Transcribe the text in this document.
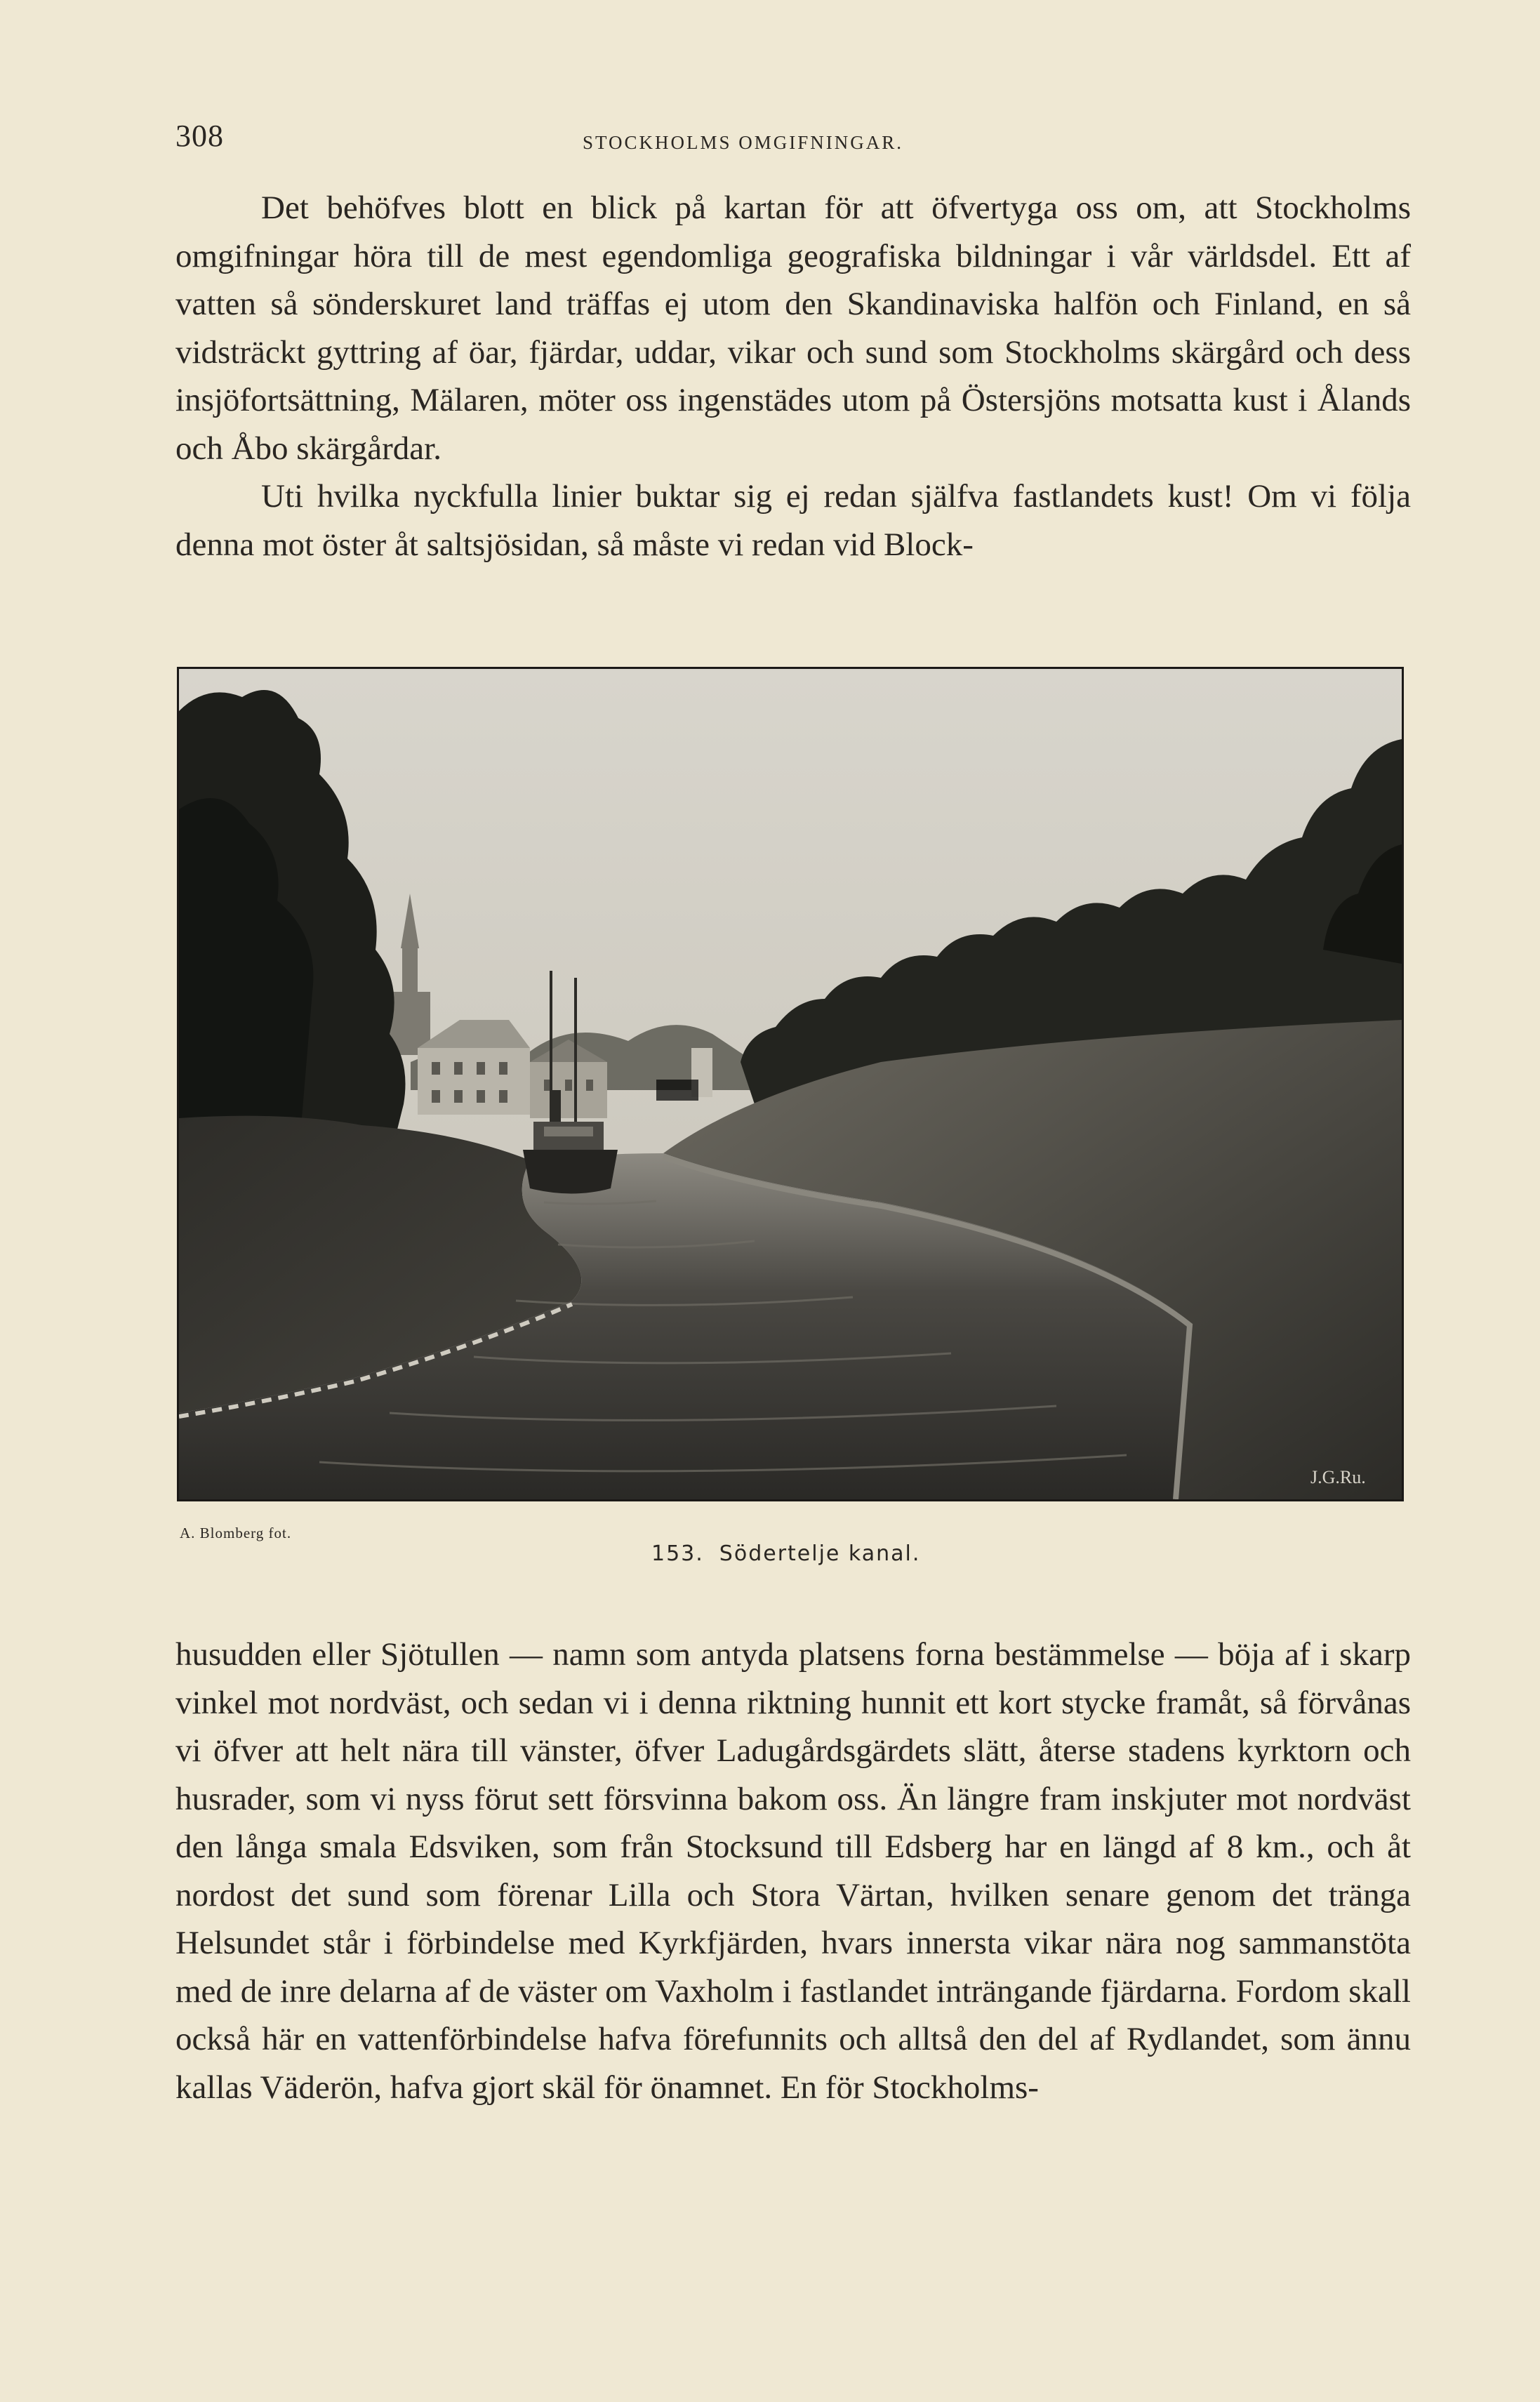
308	STOCKHOLMS OMGIFNINGAR.

Det behöfves blott en blick på kartan för att öfvertyga oss om, att Stockholms omgifningar höra till de mest egendomliga geografiska bildningar i vår världsdel. Ett af vatten så sönderskuret land träffas ej utom den Skandinaviska halfön och Finland, en så vidsträckt gyttring af öar, fjärdar, uddar, vikar och sund som Stockholms skärgård och dess insjöfortsättning, Mälaren, möter oss ingenstädes utom på Östersjöns motsatta kust i Ålands och Åbo skärgårdar.

Uti hvilka nyckfulla linier buktar sig ej redan själfva fastlandets kust! Om vi följa denna mot öster åt saltsjösidan, så måste vi redan vid Block-

J.G.Ru.
A. Blomberg fot.
153. Södertelje kanal.

husudden eller Sjötullen — namn som antyda platsens forna bestämmelse — böja af i skarp vinkel mot nordväst, och sedan vi i denna riktning hunnit ett kort stycke framåt, så förvånas vi öfver att helt nära till vänster, öfver Ladugårdsgärdets slätt, återse stadens kyrktorn och husrader, som vi nyss förut sett försvinna bakom oss. Än längre fram inskjuter mot nordväst den långa smala Edsviken, som från Stocksund till Edsberg har en längd af 8 km., och åt nordost det sund som förenar Lilla och Stora Värtan, hvilken senare genom det tränga Helsundet står i förbindelse med Kyrkfjärden, hvars innersta vikar nära nog sammanstöta med de inre delarna af de väster om Vaxholm i fastlandet inträngande fjärdarna. Fordom skall också här en vattenförbindelse hafva förefunnits och alltså den del af Rydlandet, som ännu kallas Väderön, hafva gjort skäl för önamnet. En för Stockholms-
